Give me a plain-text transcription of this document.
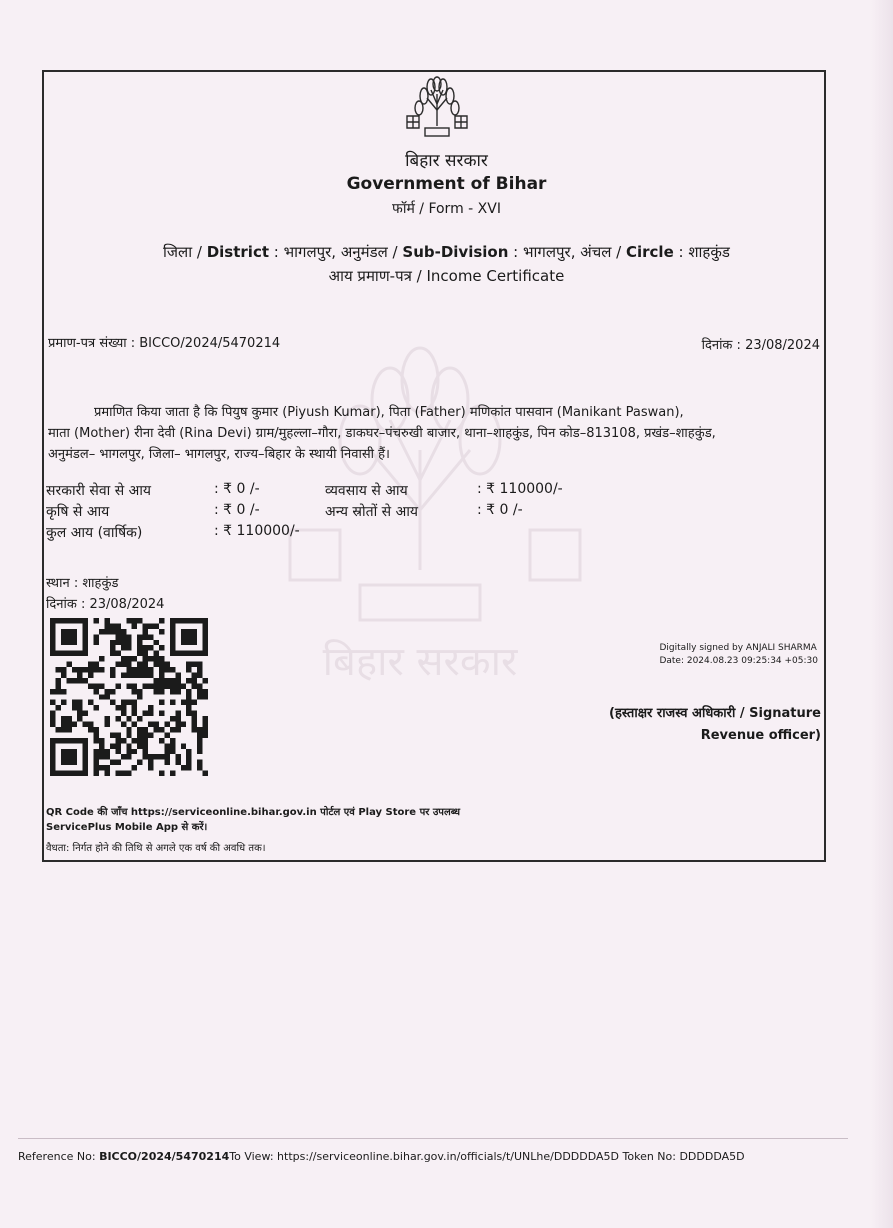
बिहार सरकार
बिहार सरकार
Government of Bihar
फॉर्म / Form - XVI
जिला / District : भागलपुर, अनुमंडल / Sub-Division : भागलपुर, अंचल / Circle : शाहकुंड
आय प्रमाण-पत्र / Income Certificate
प्रमाण-पत्र संख्या : BICCO/2024/5470214	दिनांक : 23/08/2024
प्रमाणित किया जाता है कि पियुष कुमार (Piyush Kumar), पिता (Father) मणिकांत पासवान (Manikant Paswan),
माता (Mother) रीना देवी (Rina Devi) ग्राम/मुहल्ला–गौरा, डाकघर–पंचरुखी बाजार, थाना–शाहकुंड, पिन कोड–813108, प्रखंड–शाहकुंड,
अनुमंडल– भागलपुर, जिला– भागलपुर, राज्य–बिहार के स्थायी निवासी हैं।
सरकारी सेवा से आय	: ₹ 0 /-	व्यवसाय से आय	: ₹ 110000/-
कृषि से आय	: ₹ 0 /-	अन्य स्रोतों से आय	: ₹ 0 /-
कुल आय (वार्षिक)	: ₹ 110000/-
स्थान : शाहकुंड
दिनांक : 23/08/2024
Digitally signed by ANJALI SHARMA
Date: 2024.08.23 09:25:34 +05:30
(हस्ताक्षर राजस्व अधिकारी / Signature
Revenue officer)
QR Code की जाँच https://serviceonline.bihar.gov.in पोर्टल एवं Play Store पर उपलब्ध
ServicePlus Mobile App से करें।
वैधता: निर्गत होने की तिथि से अगले एक वर्ष की अवधि तक।
Reference No: BICCO/2024/5470214To View: https://serviceonline.bihar.gov.in/officials/t/UNLhe/DDDDDA5D Token No: DDDDDA5D
